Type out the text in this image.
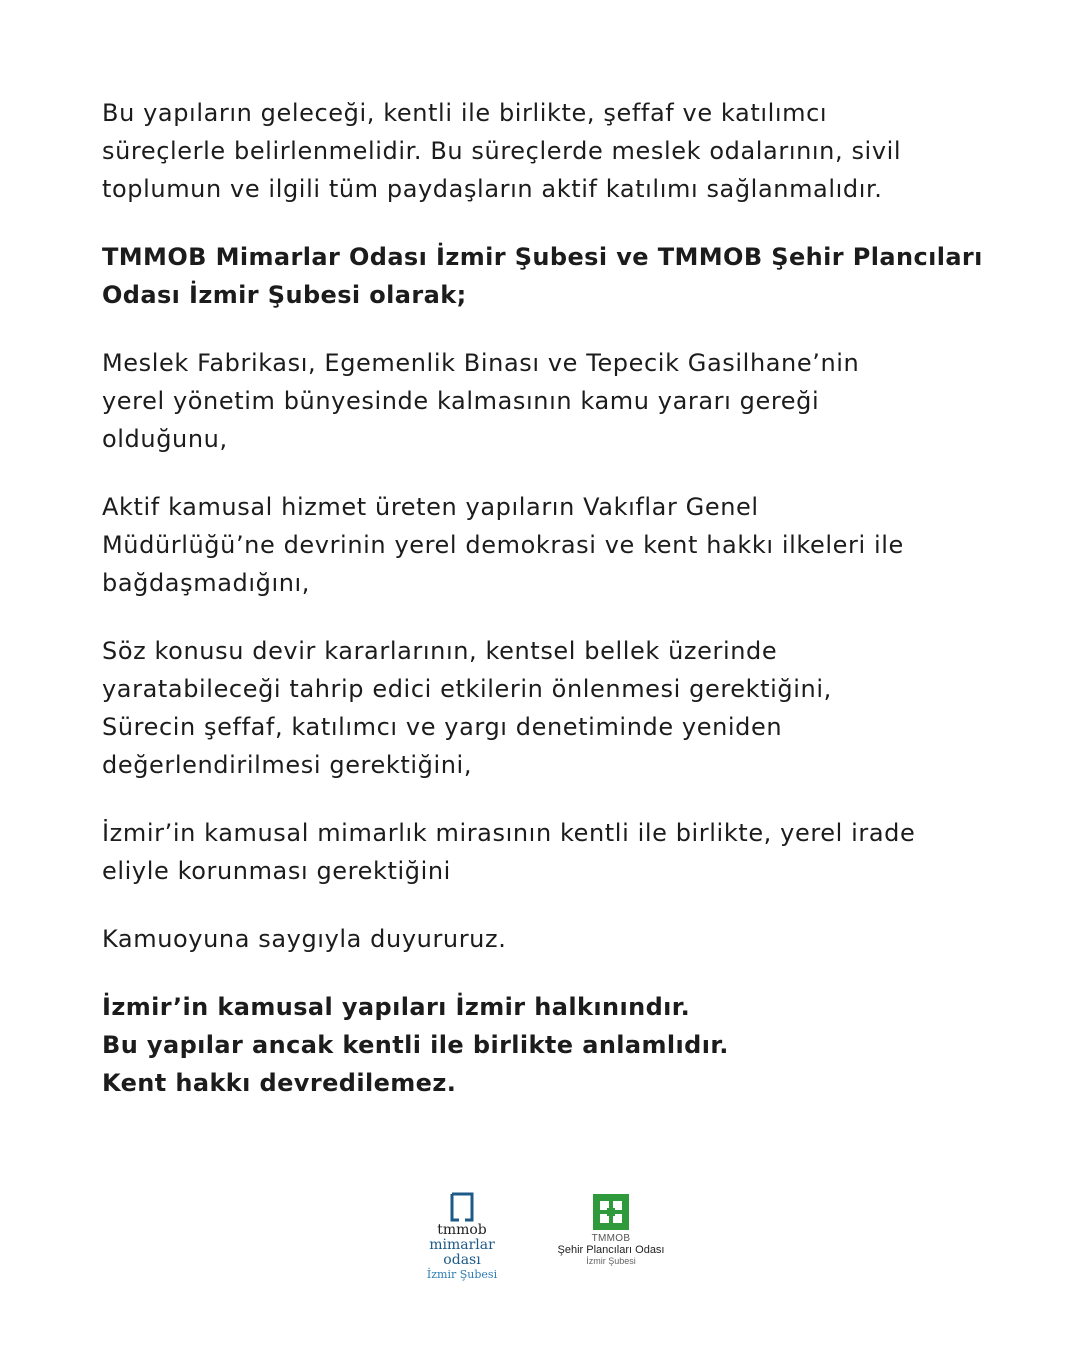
Bu yapıların geleceği, kentli ile birlikte, şeffaf ve katılımcı
süreçlerle belirlenmelidir. Bu süreçlerde meslek odalarının, sivil
toplumun ve ilgili tüm paydaşların aktif katılımı sağlanmalıdır.

TMMOB Mimarlar Odası İzmir Şubesi ve TMMOB Şehir Plancıları
Odası İzmir Şubesi olarak;

Meslek Fabrikası, Egemenlik Binası ve Tepecik Gasilhane’nin
yerel yönetim bünyesinde kalmasının kamu yararı gereği
olduğunu,

Aktif kamusal hizmet üreten yapıların Vakıflar Genel
Müdürlüğü’ne devrinin yerel demokrasi ve kent hakkı ilkeleri ile
bağdaşmadığını,

Söz konusu devir kararlarının, kentsel bellek üzerinde
yaratabileceği tahrip edici etkilerin önlenmesi gerektiğini,
Sürecin şeffaf, katılımcı ve yargı denetiminde yeniden
değerlendirilmesi gerektiğini,

İzmir’in kamusal mimarlık mirasının kentli ile birlikte, yerel irade
eliyle korunması gerektiğini

Kamuoyuna saygıyla duyururuz.

İzmir’in kamusal yapıları İzmir halkınındır.
Bu yapılar ancak kentli ile birlikte anlamlıdır.
Kent hakkı devredilemez.

tmmob
mimarlar
odası
İzmir Şubesi
TMMOB
Şehir Plancıları Odası
İzmir Şubesi
